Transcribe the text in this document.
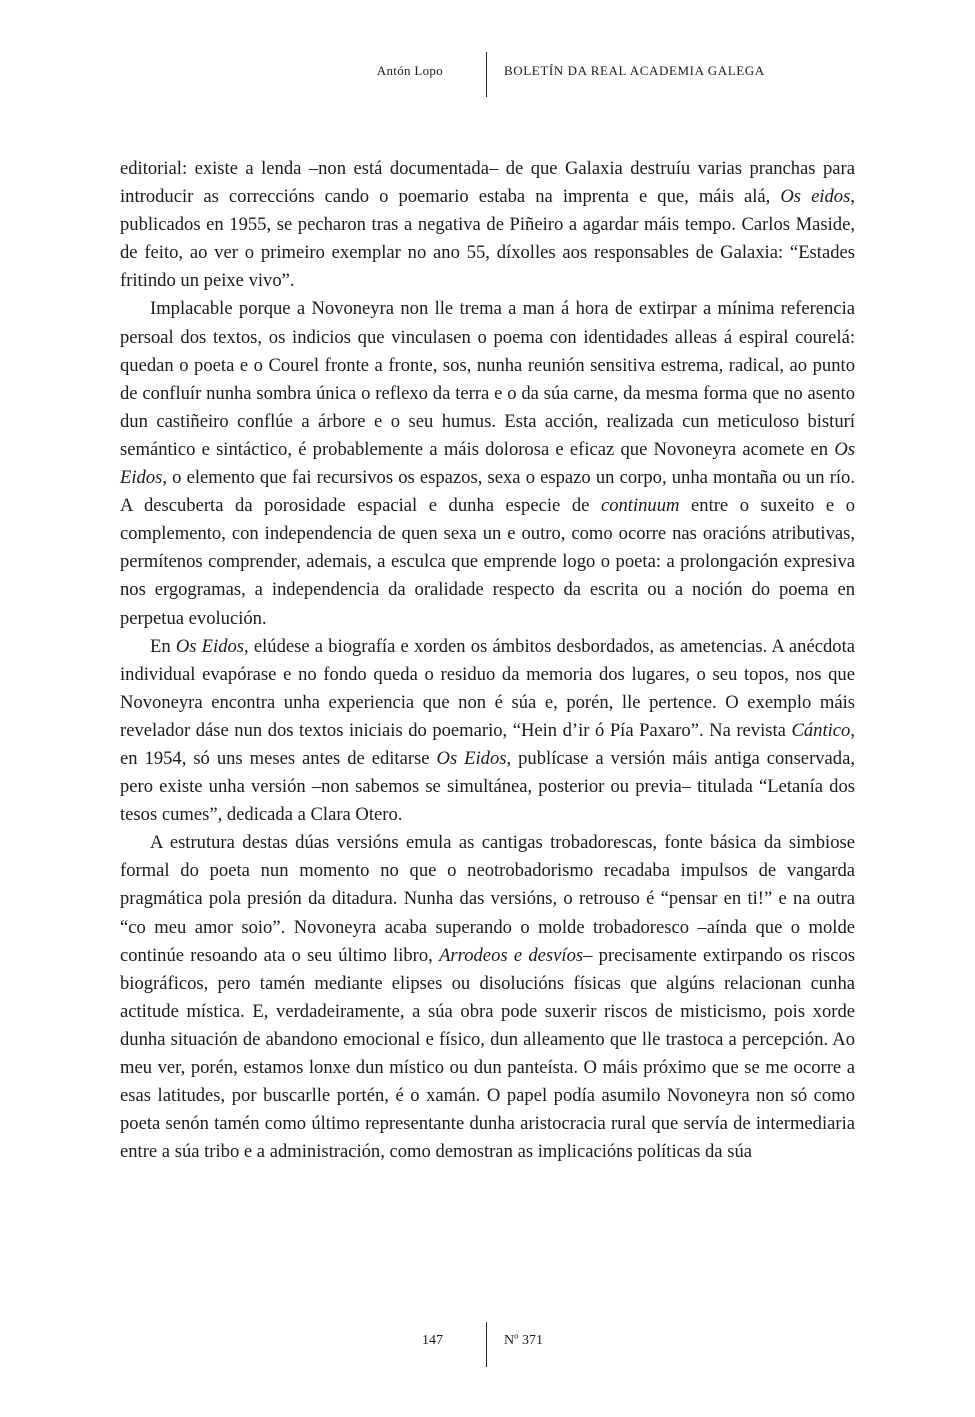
Antón Lopo	BOLETÍN DA REAL ACADEMIA GALEGA

editorial: existe a lenda –non está documentada– de que Galaxia destruíu varias pranchas para introducir as correccións cando o poemario estaba na imprenta e que, máis alá, Os eidos, publicados en 1955, se pecharon tras a negativa de Piñeiro a agardar máis tempo. Carlos Maside, de feito, ao ver o primeiro exemplar no ano 55, díxolles aos responsables de Galaxia: “Estades fritindo un peixe vivo”.

Implacable porque a Novoneyra non lle trema a man á hora de extirpar a mínima referencia persoal dos textos, os indicios que vinculasen o poema con identidades alleas á espiral courelá: quedan o poeta e o Courel fronte a fronte, sos, nunha reunión sensitiva estrema, radical, ao punto de confluír nunha sombra única o reflexo da terra e o da súa carne, da mesma forma que no asento dun castiñeiro conflúe a árbore e o seu humus. Esta acción, realizada cun meticuloso bisturí semántico e sintáctico, é probablemente a máis dolorosa e eficaz que Novoneyra acomete en Os Eidos, o elemento que fai recursivos os espazos, sexa o espazo un corpo, unha montaña ou un río. A descuberta da porosidade espacial e dunha especie de continuum entre o suxeito e o complemento, con independencia de quen sexa un e outro, como ocorre nas oracións atributivas, permítenos comprender, ademais, a esculca que emprende logo o poeta: a prolongación expresiva nos ergogramas, a independencia da oralidade respecto da escrita ou a noción do poema en perpetua evolución.

En Os Eidos, elúdese a biografía e xorden os ámbitos desbordados, as ametencias. A anécdota individual evapórase e no fondo queda o residuo da memoria dos lugares, o seu topos, nos que Novoneyra encontra unha experiencia que non é súa e, porén, lle pertence. O exemplo máis revelador dáse nun dos textos iniciais do poemario, “Hein d’ir ó Pía Paxaro”. Na revista Cántico, en 1954, só uns meses antes de editarse Os Eidos, publícase a versión máis antiga conservada, pero existe unha versión –non sabemos se simultánea, posterior ou previa– titulada “Letanía dos tesos cumes”, dedicada a Clara Otero.

A estrutura destas dúas versións emula as cantigas trobadorescas, fonte básica da simbiose formal do poeta nun momento no que o neotrobadorismo recadaba impulsos de vangarda pragmática pola presión da ditadura. Nunha das versións, o retrouso é “pensar en ti!” e na outra “co meu amor soio”. Novoneyra acaba superando o molde trobadoresco –aínda que o molde continúe resoando ata o seu último libro, Arrodeos e desvíos– precisamente extirpando os riscos biográficos, pero tamén mediante elipses ou disolucións físicas que algúns relacionan cunha actitude mística. E, verdadeiramente, a súa obra pode suxerir riscos de misticismo, pois xorde dunha situación de abandono emocional e físico, dun alleamento que lle trastoca a percepción. Ao meu ver, porén, estamos lonxe dun místico ou dun panteísta. O máis próximo que se me ocorre a esas latitudes, por buscarlle portén, é o xamán. O papel podía asumilo Novoneyra non só como poeta senón tamén como último representante dunha aristocracia rural que servía de intermediaria entre a súa tribo e a administración, como demostran as implicacións políticas da súa

147	Nº 371
